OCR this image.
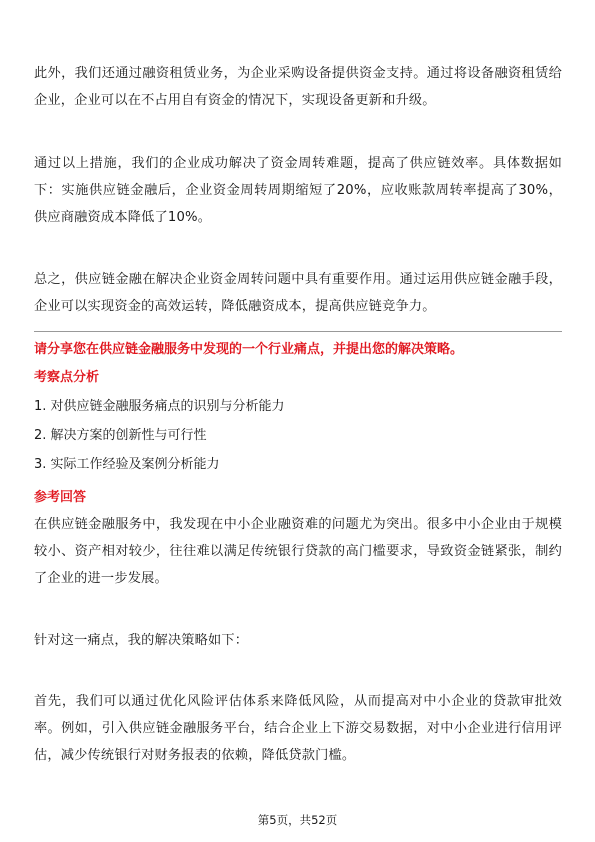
此外，我们还通过融资租赁业务，为企业采购设备提供资金支持。通过将设备融资租赁给企业，企业可以在不占用自有资金的情况下，实现设备更新和升级。

通过以上措施，我们的企业成功解决了资金周转难题，提高了供应链效率。具体数据如下：实施供应链金融后，企业资金周转周期缩短了20%，应收账款周转率提高了30%，供应商融资成本降低了10%。

总之，供应链金融在解决企业资金周转问题中具有重要作用。通过运用供应链金融手段，企业可以实现资金的高效运转，降低融资成本，提高供应链竞争力。

请分享您在供应链金融服务中发现的一个行业痛点，并提出您的解决策略。
考察点分析
1. 对供应链金融服务痛点的识别与分析能力
2. 解决方案的创新性与可行性
3. 实际工作经验及案例分析能力
参考回答

在供应链金融服务中，我发现在中小企业融资难的问题尤为突出。很多中小企业由于规模较小、资产相对较少，往往难以满足传统银行贷款的高门槛要求，导致资金链紧张，制约了企业的进一步发展。

针对这一痛点，我的解决策略如下：

首先，我们可以通过优化风险评估体系来降低风险，从而提高对中小企业的贷款审批效率。例如，引入供应链金融服务平台，结合企业上下游交易数据，对中小企业进行信用评估，减少传统银行对财务报表的依赖，降低贷款门槛。

第5页，共52页
